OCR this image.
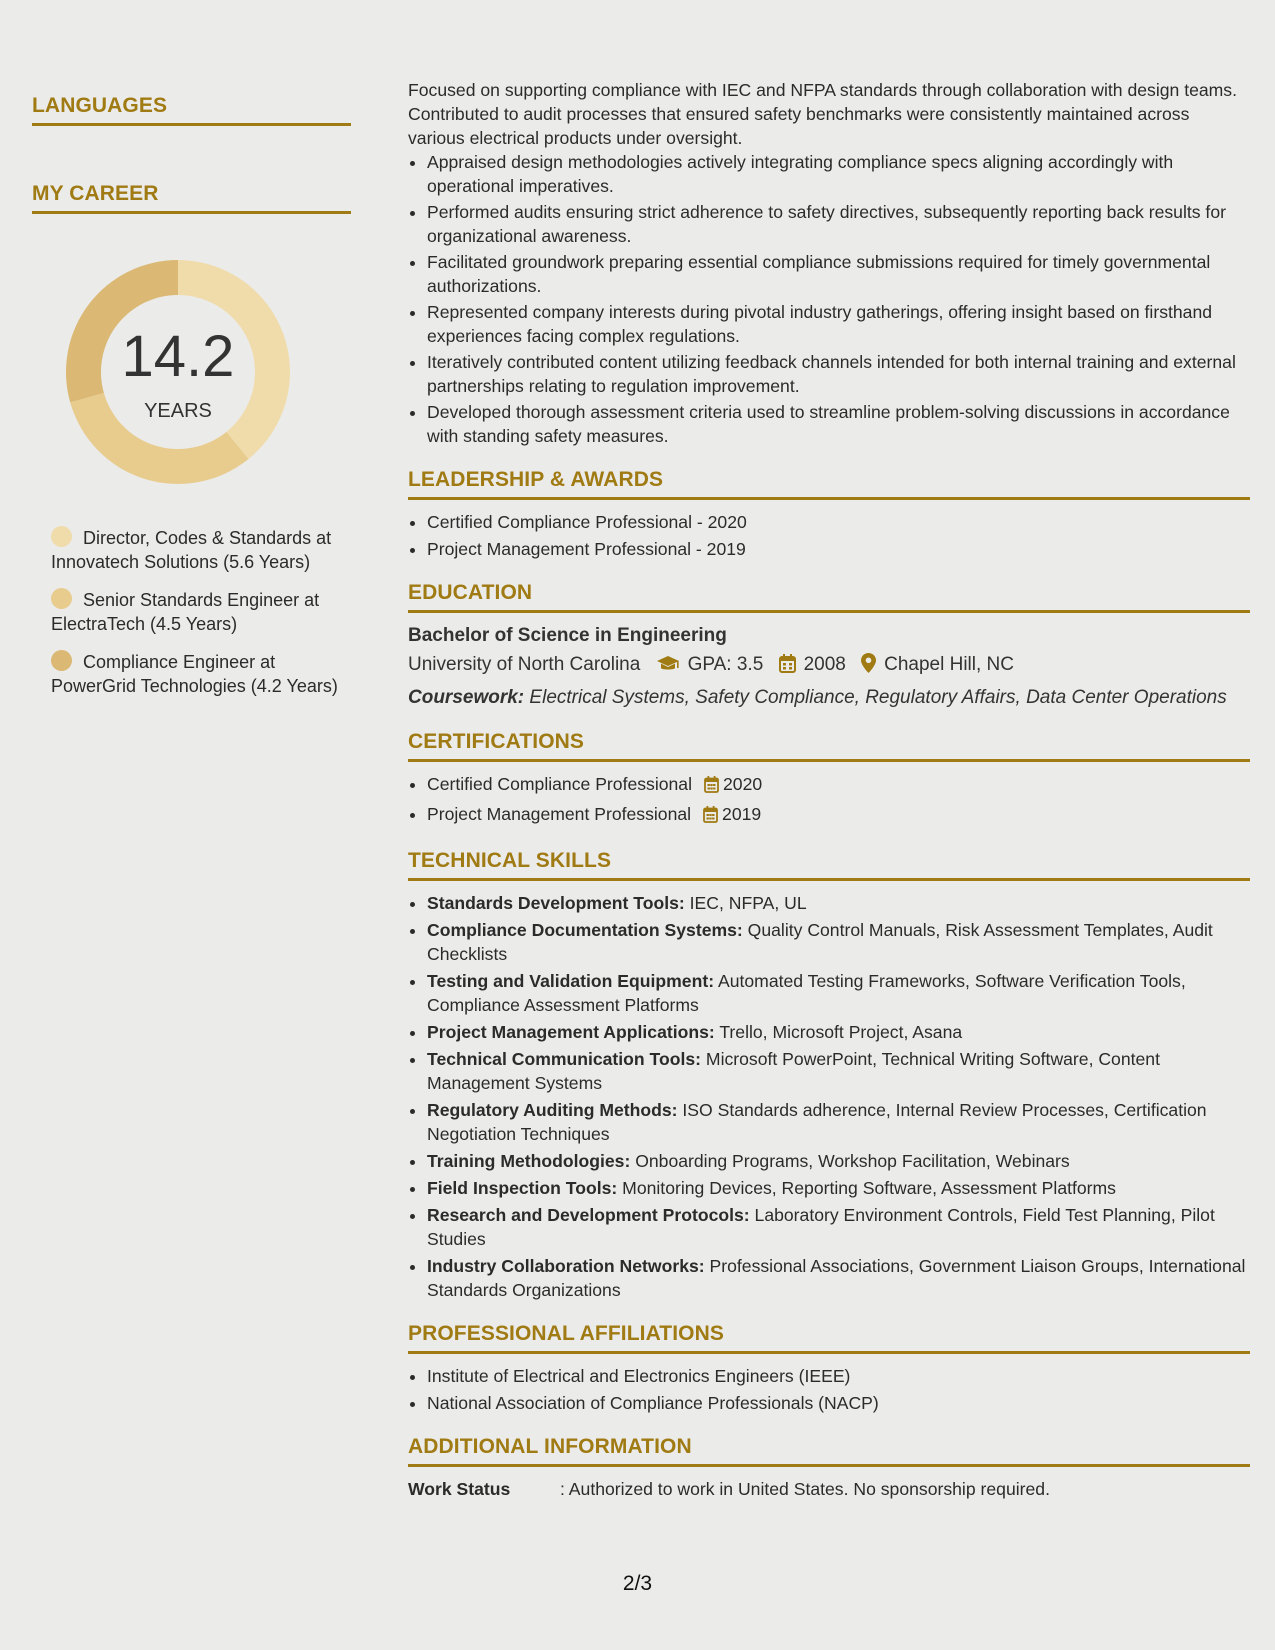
LANGUAGES
MY CAREER
14.2
YEARS
Director, Codes & Standards at Innovatech Solutions (5.6 Years)
Senior Standards Engineer at ElectraTech (4.5 Years)
Compliance Engineer at PowerGrid Technologies (4.2 Years)

Focused on supporting compliance with IEC and NFPA standards through collaboration with design teams. Contributed to audit processes that ensured safety benchmarks were consistently maintained across various electrical products under oversight.

• Appraised design methodologies actively integrating compliance specs aligning accordingly with operational imperatives.
• Performed audits ensuring strict adherence to safety directives, subsequently reporting back results for organizational awareness.
• Facilitated groundwork preparing essential compliance submissions required for timely governmental authorizations.
• Represented company interests during pivotal industry gatherings, offering insight based on firsthand experiences facing complex regulations.
• Iteratively contributed content utilizing feedback channels intended for both internal training and external partnerships relating to regulation improvement.
• Developed thorough assessment criteria used to streamline problem-solving discussions in accordance with standing safety measures.
LEADERSHIP & AWARDS
• Certified Compliance Professional - 2020
• Project Management Professional - 2019
EDUCATION
Bachelor of Science in Engineering
University of North Carolina GPA: 3.5 2008 Chapel Hill, NC
Coursework: Electrical Systems, Safety Compliance, Regulatory Affairs, Data Center Operations
CERTIFICATIONS
• Certified Compliance Professional 2020
• Project Management Professional 2019
TECHNICAL SKILLS
• Standards Development Tools: IEC, NFPA, UL
• Compliance Documentation Systems: Quality Control Manuals, Risk Assessment Templates, Audit Checklists
• Testing and Validation Equipment: Automated Testing Frameworks, Software Verification Tools, Compliance Assessment Platforms
• Project Management Applications: Trello, Microsoft Project, Asana
• Technical Communication Tools: Microsoft PowerPoint, Technical Writing Software, Content Management Systems
• Regulatory Auditing Methods: ISO Standards adherence, Internal Review Processes, Certification Negotiation Techniques
• Training Methodologies: Onboarding Programs, Workshop Facilitation, Webinars
• Field Inspection Tools: Monitoring Devices, Reporting Software, Assessment Platforms
• Research and Development Protocols: Laboratory Environment Controls, Field Test Planning, Pilot Studies
• Industry Collaboration Networks: Professional Associations, Government Liaison Groups, International Standards Organizations
PROFESSIONAL AFFILIATIONS
• Institute of Electrical and Electronics Engineers (IEEE)
• National Association of Compliance Professionals (NACP)
ADDITIONAL INFORMATION
Work Status	: Authorized to work in United States. No sponsorship required.
2/3
